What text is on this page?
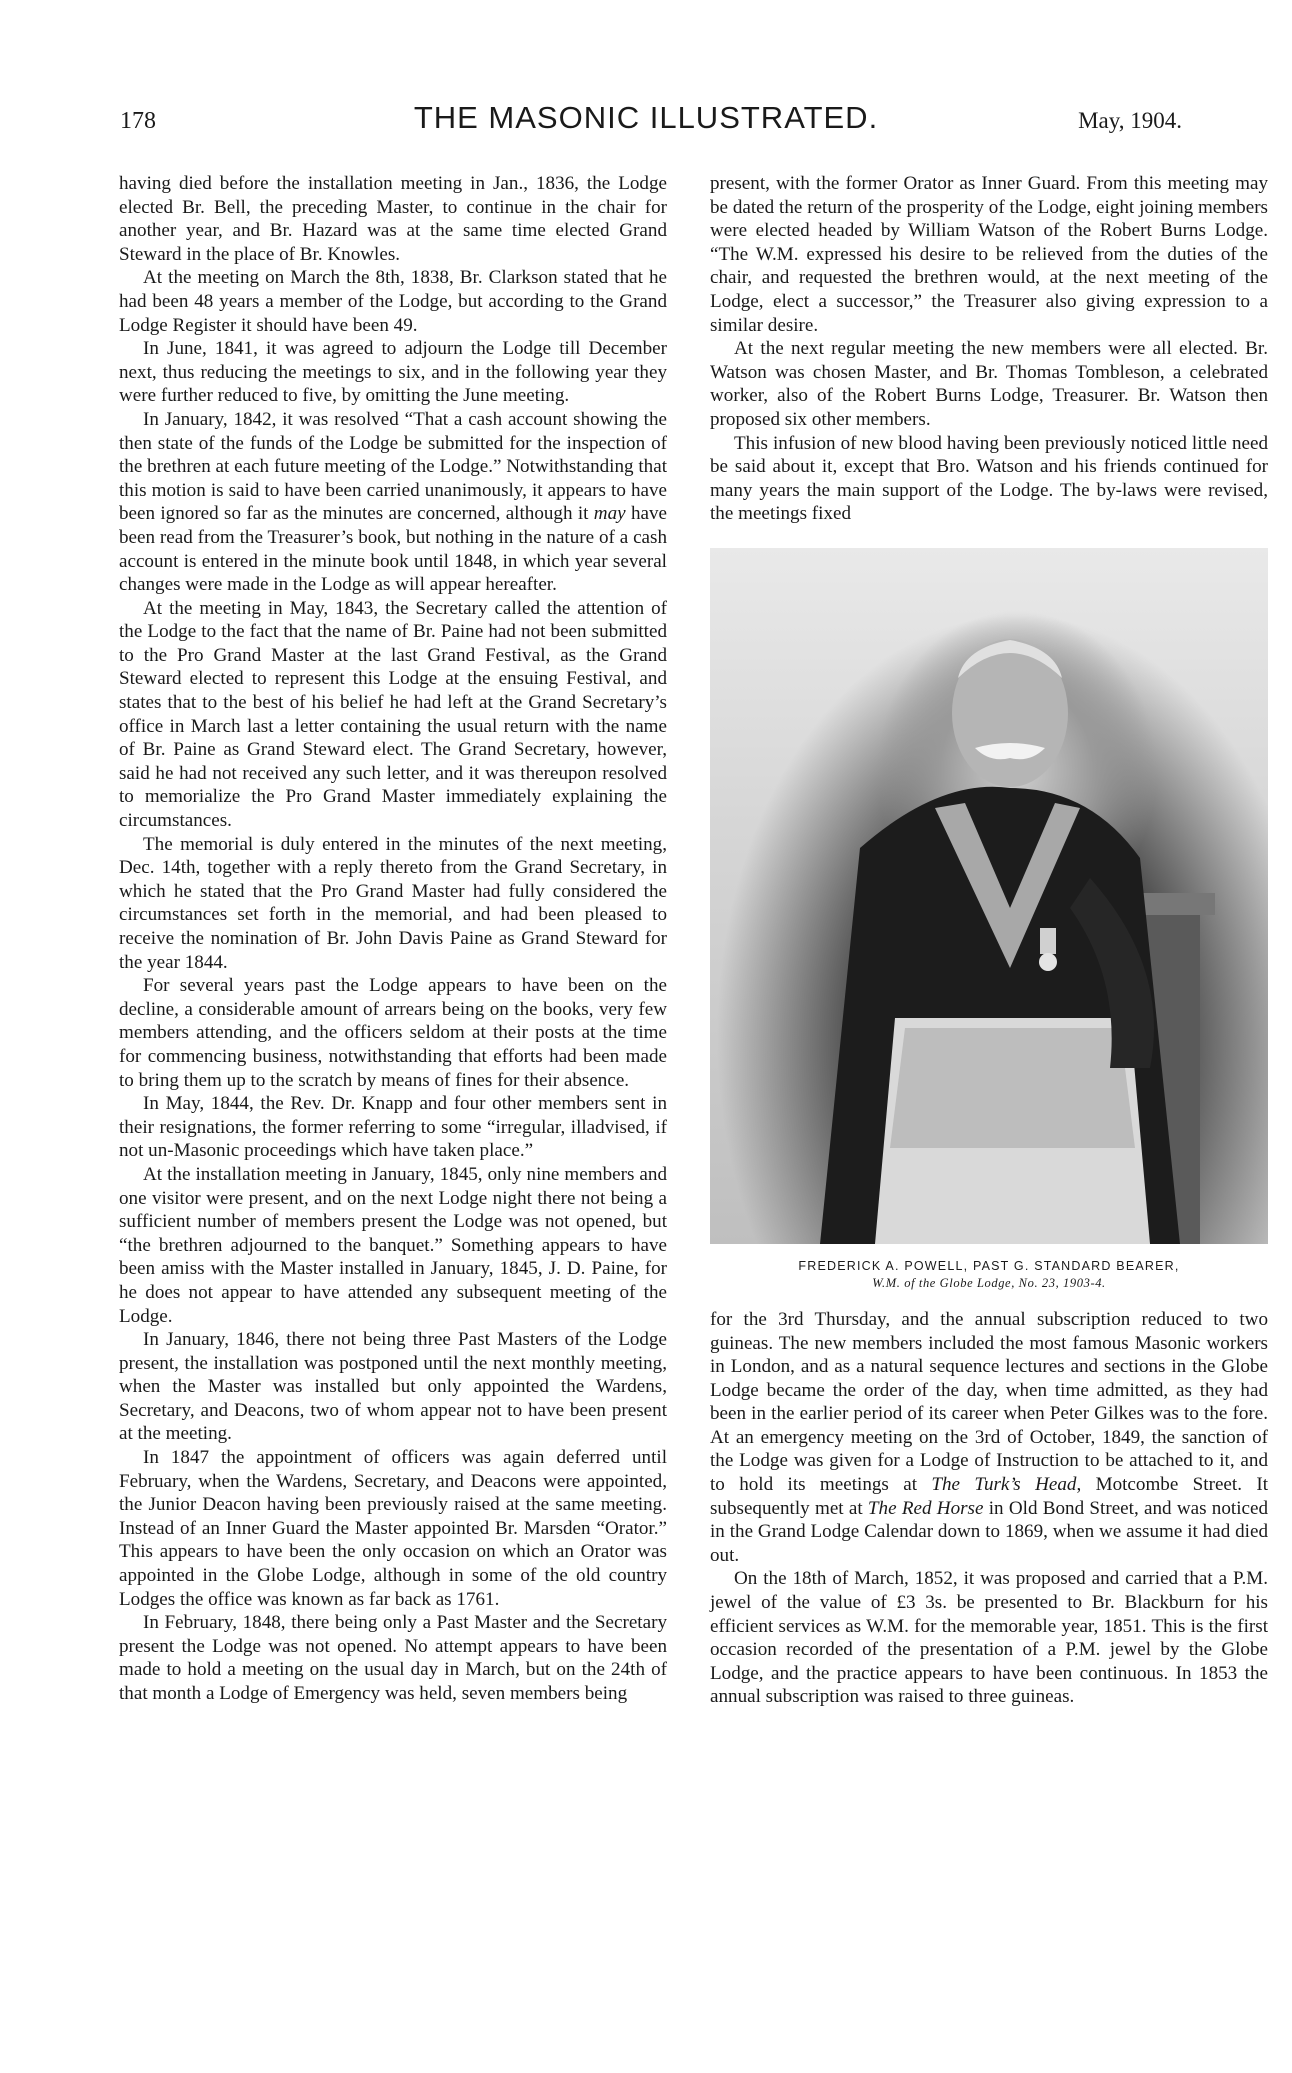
178	THE MASONIC ILLUSTRATED.	May, 1904.

having died before the installation meeting in Jan., 1836, the Lodge elected Br. Bell, the preceding Master, to continue in the chair for another year, and Br. Hazard was at the same time elected Grand Steward in the place of Br. Knowles.

At the meeting on March the 8th, 1838, Br. Clarkson stated that he had been 48 years a member of the Lodge, but according to the Grand Lodge Register it should have been 49.

In June, 1841, it was agreed to adjourn the Lodge till December next, thus reducing the meetings to six, and in the following year they were further reduced to five, by omitting the June meeting.

In January, 1842, it was resolved “That a cash account showing the then state of the funds of the Lodge be submitted for the inspection of the brethren at each future meeting of the Lodge.” Notwithstanding that this motion is said to have been carried unanimously, it appears to have been ignored so far as the minutes are concerned, although it may have been read from the Treasurer’s book, but nothing in the nature of a cash account is entered in the minute book until 1848, in which year several changes were made in the Lodge as will appear hereafter.

At the meeting in May, 1843, the Secretary called the attention of the Lodge to the fact that the name of Br. Paine had not been submitted to the Pro Grand Master at the last Grand Festival, as the Grand Steward elected to represent this Lodge at the ensuing Festival, and states that to the best of his belief he had left at the Grand Secretary’s office in March last a letter containing the usual return with the name of Br. Paine as Grand Steward elect. The Grand Secretary, however, said he had not received any such letter, and it was thereupon resolved to memorialize the Pro Grand Master immediately explaining the circumstances.

The memorial is duly entered in the minutes of the next meeting, Dec. 14th, together with a reply thereto from the Grand Secretary, in which he stated that the Pro Grand Master had fully considered the circumstances set forth in the memorial, and had been pleased to receive the nomination of Br. John Davis Paine as Grand Steward for the year 1844.

For several years past the Lodge appears to have been on the decline, a considerable amount of arrears being on the books, very few members attending, and the officers seldom at their posts at the time for commencing business, notwithstanding that efforts had been made to bring them up to the scratch by means of fines for their absence.

In May, 1844, the Rev. Dr. Knapp and four other members sent in their resignations, the former referring to some “irregular, illadvised, if not un-Masonic proceedings which have taken place.”

At the installation meeting in January, 1845, only nine members and one visitor were present, and on the next Lodge night there not being a sufficient number of members present the Lodge was not opened, but “the brethren adjourned to the banquet.” Something appears to have been amiss with the Master installed in January, 1845, J. D. Paine, for he does not appear to have attended any subsequent meeting of the Lodge.

In January, 1846, there not being three Past Masters of the Lodge present, the installation was postponed until the next monthly meeting, when the Master was installed but only appointed the Wardens, Secretary, and Deacons, two of whom appear not to have been present at the meeting.

In 1847 the appointment of officers was again deferred until February, when the Wardens, Secretary, and Deacons were appointed, the Junior Deacon having been previously raised at the same meeting. Instead of an Inner Guard the Master appointed Br. Marsden “Orator.” This appears to have been the only occasion on which an Orator was appointed in the Globe Lodge, although in some of the old country Lodges the office was known as far back as 1761.

In February, 1848, there being only a Past Master and the Secretary present the Lodge was not opened. No attempt appears to have been made to hold a meeting on the usual day in March, but on the 24th of that month a Lodge of Emergency was held, seven members being

present, with the former Orator as Inner Guard. From this meeting may be dated the return of the prosperity of the Lodge, eight joining members were elected headed by William Watson of the Robert Burns Lodge. “The W.M. expressed his desire to be relieved from the duties of the chair, and requested the brethren would, at the next meeting of the Lodge, elect a successor,” the Treasurer also giving expression to a similar desire.

At the next regular meeting the new members were all elected. Br. Watson was chosen Master, and Br. Thomas Tombleson, a celebrated worker, also of the Robert Burns Lodge, Treasurer. Br. Watson then proposed six other members.

This infusion of new blood having been previously noticed little need be said about it, except that Bro. Watson and his friends continued for many years the main support of the Lodge. The by-laws were revised, the meetings fixed

FREDERICK A. POWELL, PAST G. STANDARD BEARER,
W.M. of the Globe Lodge, No. 23, 1903-4.

for the 3rd Thursday, and the annual subscription reduced to two guineas. The new members included the most famous Masonic workers in London, and as a natural sequence lectures and sections in the Globe Lodge became the order of the day, when time admitted, as they had been in the earlier period of its career when Peter Gilkes was to the fore. At an emergency meeting on the 3rd of October, 1849, the sanction of the Lodge was given for a Lodge of Instruction to be attached to it, and to hold its meetings at The Turk’s Head, Motcombe Street. It subsequently met at The Red Horse in Old Bond Street, and was noticed in the Grand Lodge Calendar down to 1869, when we assume it had died out.

On the 18th of March, 1852, it was proposed and carried that a P.M. jewel of the value of £3 3s. be presented to Br. Blackburn for his efficient services as W.M. for the memorable year, 1851. This is the first occasion recorded of the presentation of a P.M. jewel by the Globe Lodge, and the practice appears to have been continuous. In 1853 the annual subscription was raised to three guineas.
